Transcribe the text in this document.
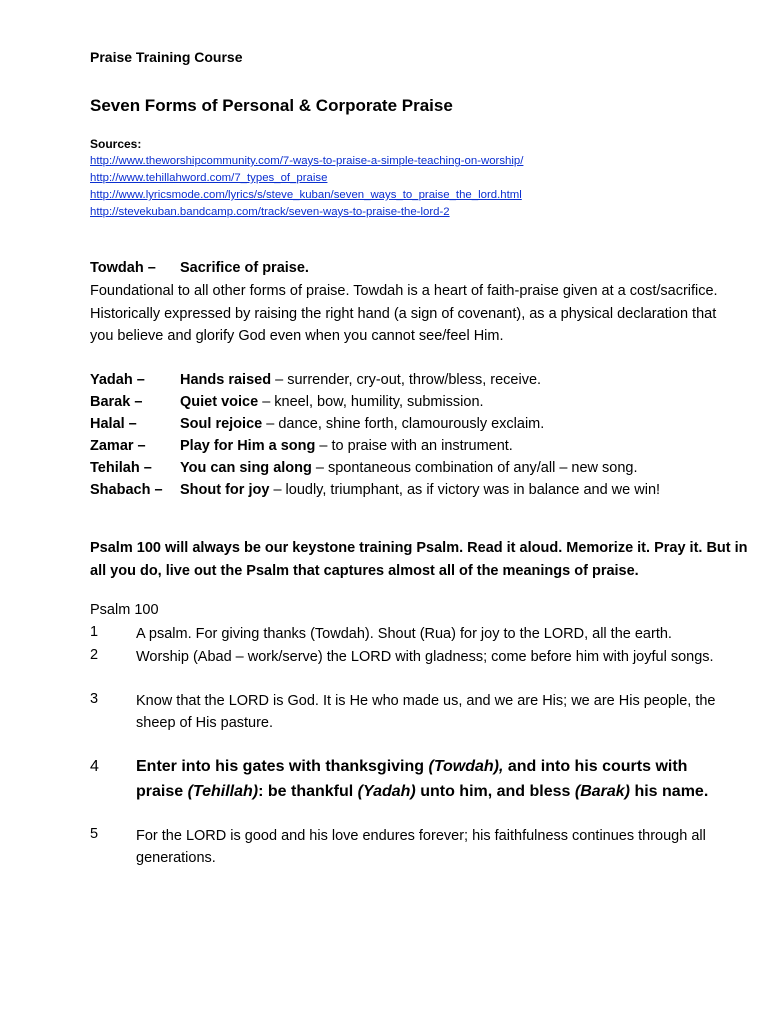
Praise Training Course
Seven Forms of Personal & Corporate Praise
Sources:
http://www.theworshipcommunity.com/7-ways-to-praise-a-simple-teaching-on-worship/
http://www.tehillahword.com/7_types_of_praise
http://www.lyricsmode.com/lyrics/s/steve_kuban/seven_ways_to_praise_the_lord.html
http://stevekuban.bandcamp.com/track/seven-ways-to-praise-the-lord-2
Towdah – Sacrifice of praise.
Foundational to all other forms of praise. Towdah is a heart of faith-praise given at a cost/sacrifice. Historically expressed by raising the right hand (a sign of covenant), as a physical declaration that you believe and glorify God even when you cannot see/feel Him.
Yadah – Hands raised – surrender, cry-out, throw/bless, receive.
Barak –	Quiet voice – kneel, bow, humility, submission.
Halal –	Soul rejoice – dance, shine forth, clamourously exclaim.
Zamar – Play for Him a song – to praise with an instrument.
Tehilah – You can sing along – spontaneous combination of any/all – new song.
Shabach – Shout for joy – loudly, triumphant, as if victory was in balance and we win!
Psalm 100 will always be our keystone training Psalm. Read it aloud. Memorize it. Pray it. But in all you do, live out the Psalm that captures almost all of the meanings of praise.
Psalm 100
1	A psalm. For giving thanks (Towdah). Shout (Rua) for joy to the LORD, all the earth.
2	Worship (Abad – work/serve) the LORD with gladness; come before him with joyful songs.
3	Know that the LORD is God. It is He who made us, and we are His; we are His people, the sheep of His pasture.
4	Enter into his gates with thanksgiving (Towdah), and into his courts with praise (Tehillah): be thankful (Yadah) unto him, and bless (Barak) his name.
5	For the LORD is good and his love endures forever; his faithfulness continues through all generations.
